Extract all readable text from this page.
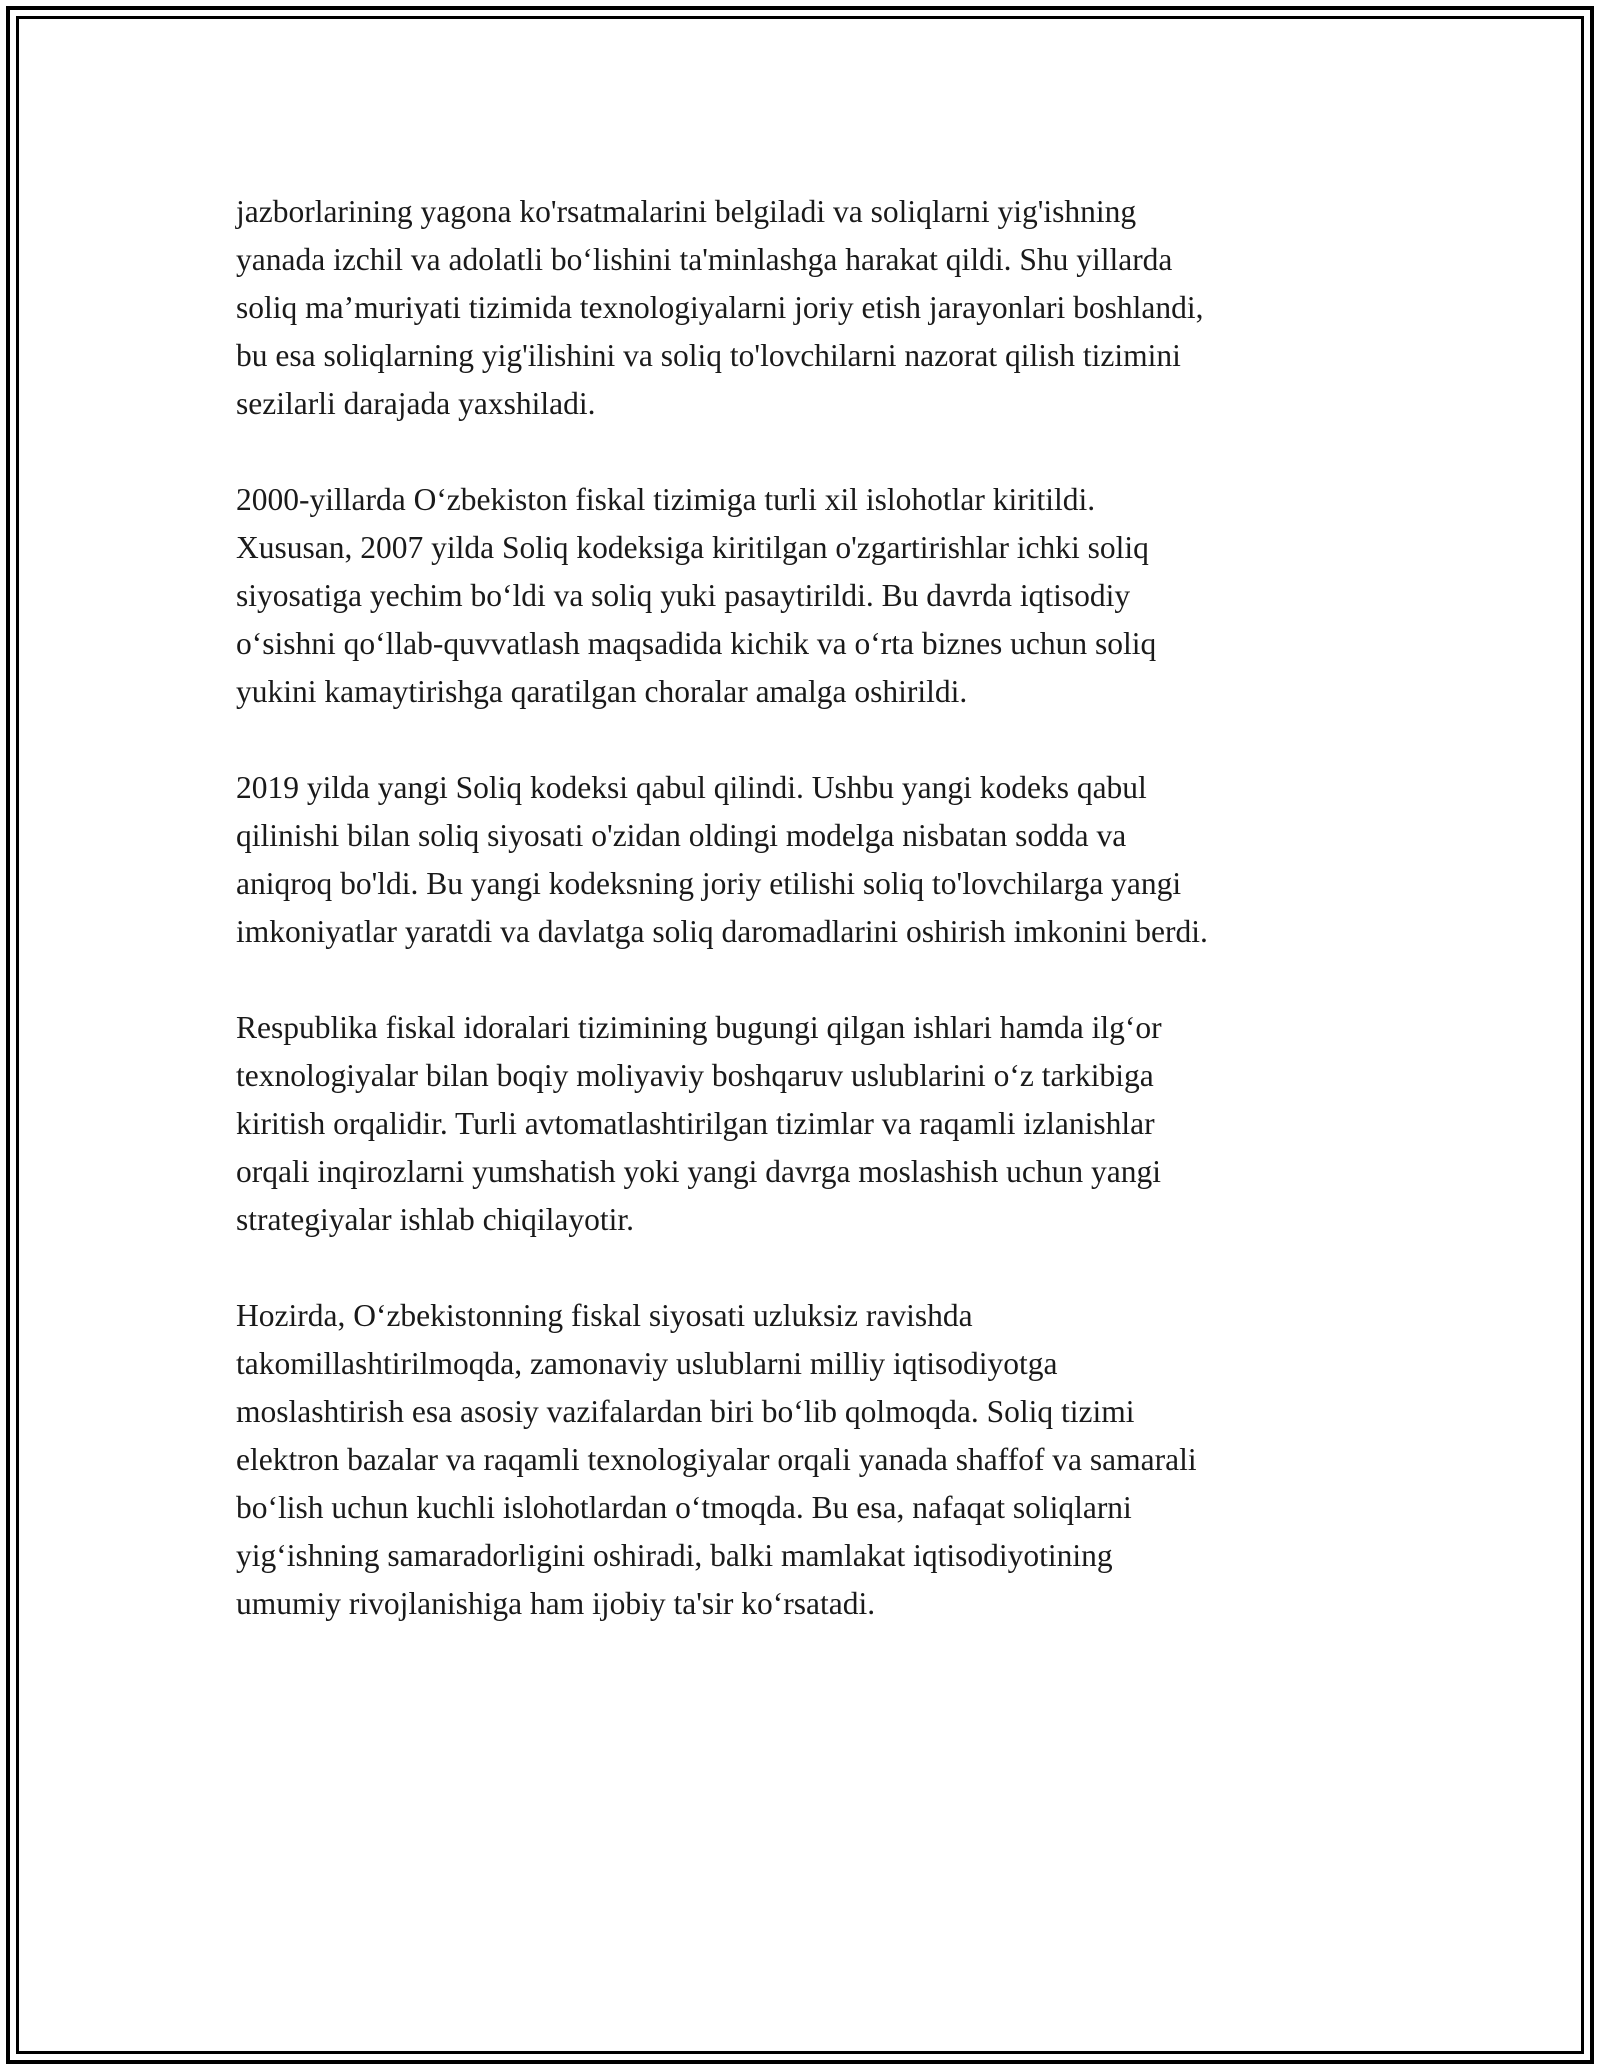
jazborlarining yagona ko'rsatmalarini belgiladi va soliqlarni yig'ishning
yanada izchil va adolatli bo‘lishini ta'minlashga harakat qildi. Shu yillarda
soliq ma’muriyati tizimida texnologiyalarni joriy etish jarayonlari boshlandi,
bu esa soliqlarning yig'ilishini va soliq to'lovchilarni nazorat qilish tizimini
sezilarli darajada yaxshiladi.

2000-yillarda O‘zbekiston fiskal tizimiga turli xil islohotlar kiritildi.
Xususan, 2007 yilda Soliq kodeksiga kiritilgan o'zgartirishlar ichki soliq
siyosatiga yechim bo‘ldi va soliq yuki pasaytirildi. Bu davrda iqtisodiy
o‘sishni qo‘llab-quvvatlash maqsadida kichik va o‘rta biznes uchun soliq
yukini kamaytirishga qaratilgan choralar amalga oshirildi.

2019 yilda yangi Soliq kodeksi qabul qilindi. Ushbu yangi kodeks qabul
qilinishi bilan soliq siyosati o'zidan oldingi modelga nisbatan sodda va
aniqroq bo'ldi. Bu yangi kodeksning joriy etilishi soliq to'lovchilarga yangi
imkoniyatlar yaratdi va davlatga soliq daromadlarini oshirish imkonini berdi.

Respublika fiskal idoralari tizimining bugungi qilgan ishlari hamda ilg‘or
texnologiyalar bilan boqiy moliyaviy boshqaruv uslublarini o‘z tarkibiga
kiritish orqalidir. Turli avtomatlashtirilgan tizimlar va raqamli izlanishlar
orqali inqirozlarni yumshatish yoki yangi davrga moslashish uchun yangi
strategiyalar ishlab chiqilayotir.

Hozirda, O‘zbekistonning fiskal siyosati uzluksiz ravishda
takomillashtirilmoqda, zamonaviy uslublarni milliy iqtisodiyotga
moslashtirish esa asosiy vazifalardan biri bo‘lib qolmoqda. Soliq tizimi
elektron bazalar va raqamli texnologiyalar orqali yanada shaffof va samarali
bo‘lish uchun kuchli islohotlardan o‘tmoqda. Bu esa, nafaqat soliqlarni
yig‘ishning samaradorligini oshiradi, balki mamlakat iqtisodiyotining
umumiy rivojlanishiga ham ijobiy ta'sir ko‘rsatadi.
